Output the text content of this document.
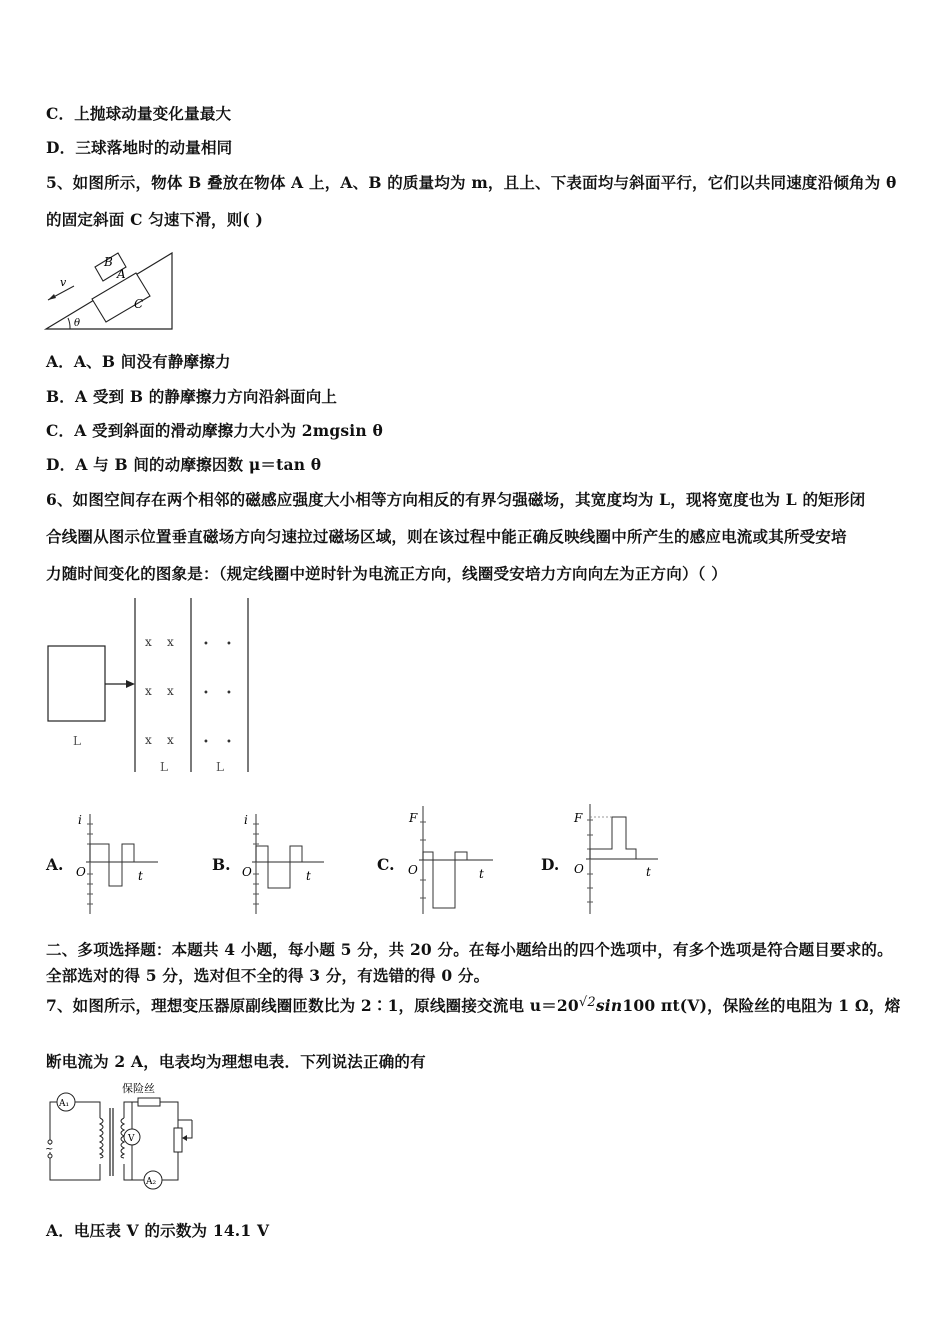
C．上抛球动量变化量最大
D．三球落地时的动量相同
5、如图所示，物体 B 叠放在物体 A 上，A、B 的质量均为 m，且上、下表面均与斜面平行，它们以共同速度沿倾角为 θ
的固定斜面 C 匀速下滑，则( )
B
A
C
v
θ
A．A、B 间没有静摩擦力
B．A 受到 B 的静摩擦力方向沿斜面向上
C．A 受到斜面的滑动摩擦力大小为 2mgsin θ
D．A 与 B 间的动摩擦因数 μ＝tan θ
6、如图空间存在两个相邻的磁感应强度大小相等方向相反的有界匀强磁场，其宽度均为 L，现将宽度也为 L 的矩形闭
合线圈从图示位置垂直磁场方向匀速拉过磁场区域，则在该过程中能正确反映线圈中所产生的感应电流或其所受安培
力随时间变化的图象是：（规定线圈中逆时针为电流正方向，线圈受安培力方向向左为正方向）（ ）
x x
x x
x x
• •
• •
• •
L
L	L
A.
i
O	t
B.
i
O	t
C.
F
O	t	D.
F
O	t
二、多项选择题：本题共 4 小题，每小题 5 分，共 20 分。在每小题给出的四个选项中，有多个选项是符合题目要求的。
全部选对的得 5 分，选对但不全的得 3 分，有选错的得 0 分。
7、如图所示，理想变压器原副线圈匝数比为 2∶1，原线圈接交流电 $u=20^{√2}\sin 100$ πt(V)，保险丝的电阻为 1 Ω，熔
断电流为 2 A，电表均为理想电表．下列说法正确的有
A₁
~
保险丝
V
A₂
A．电压表 V 的示数为 14.1 V
